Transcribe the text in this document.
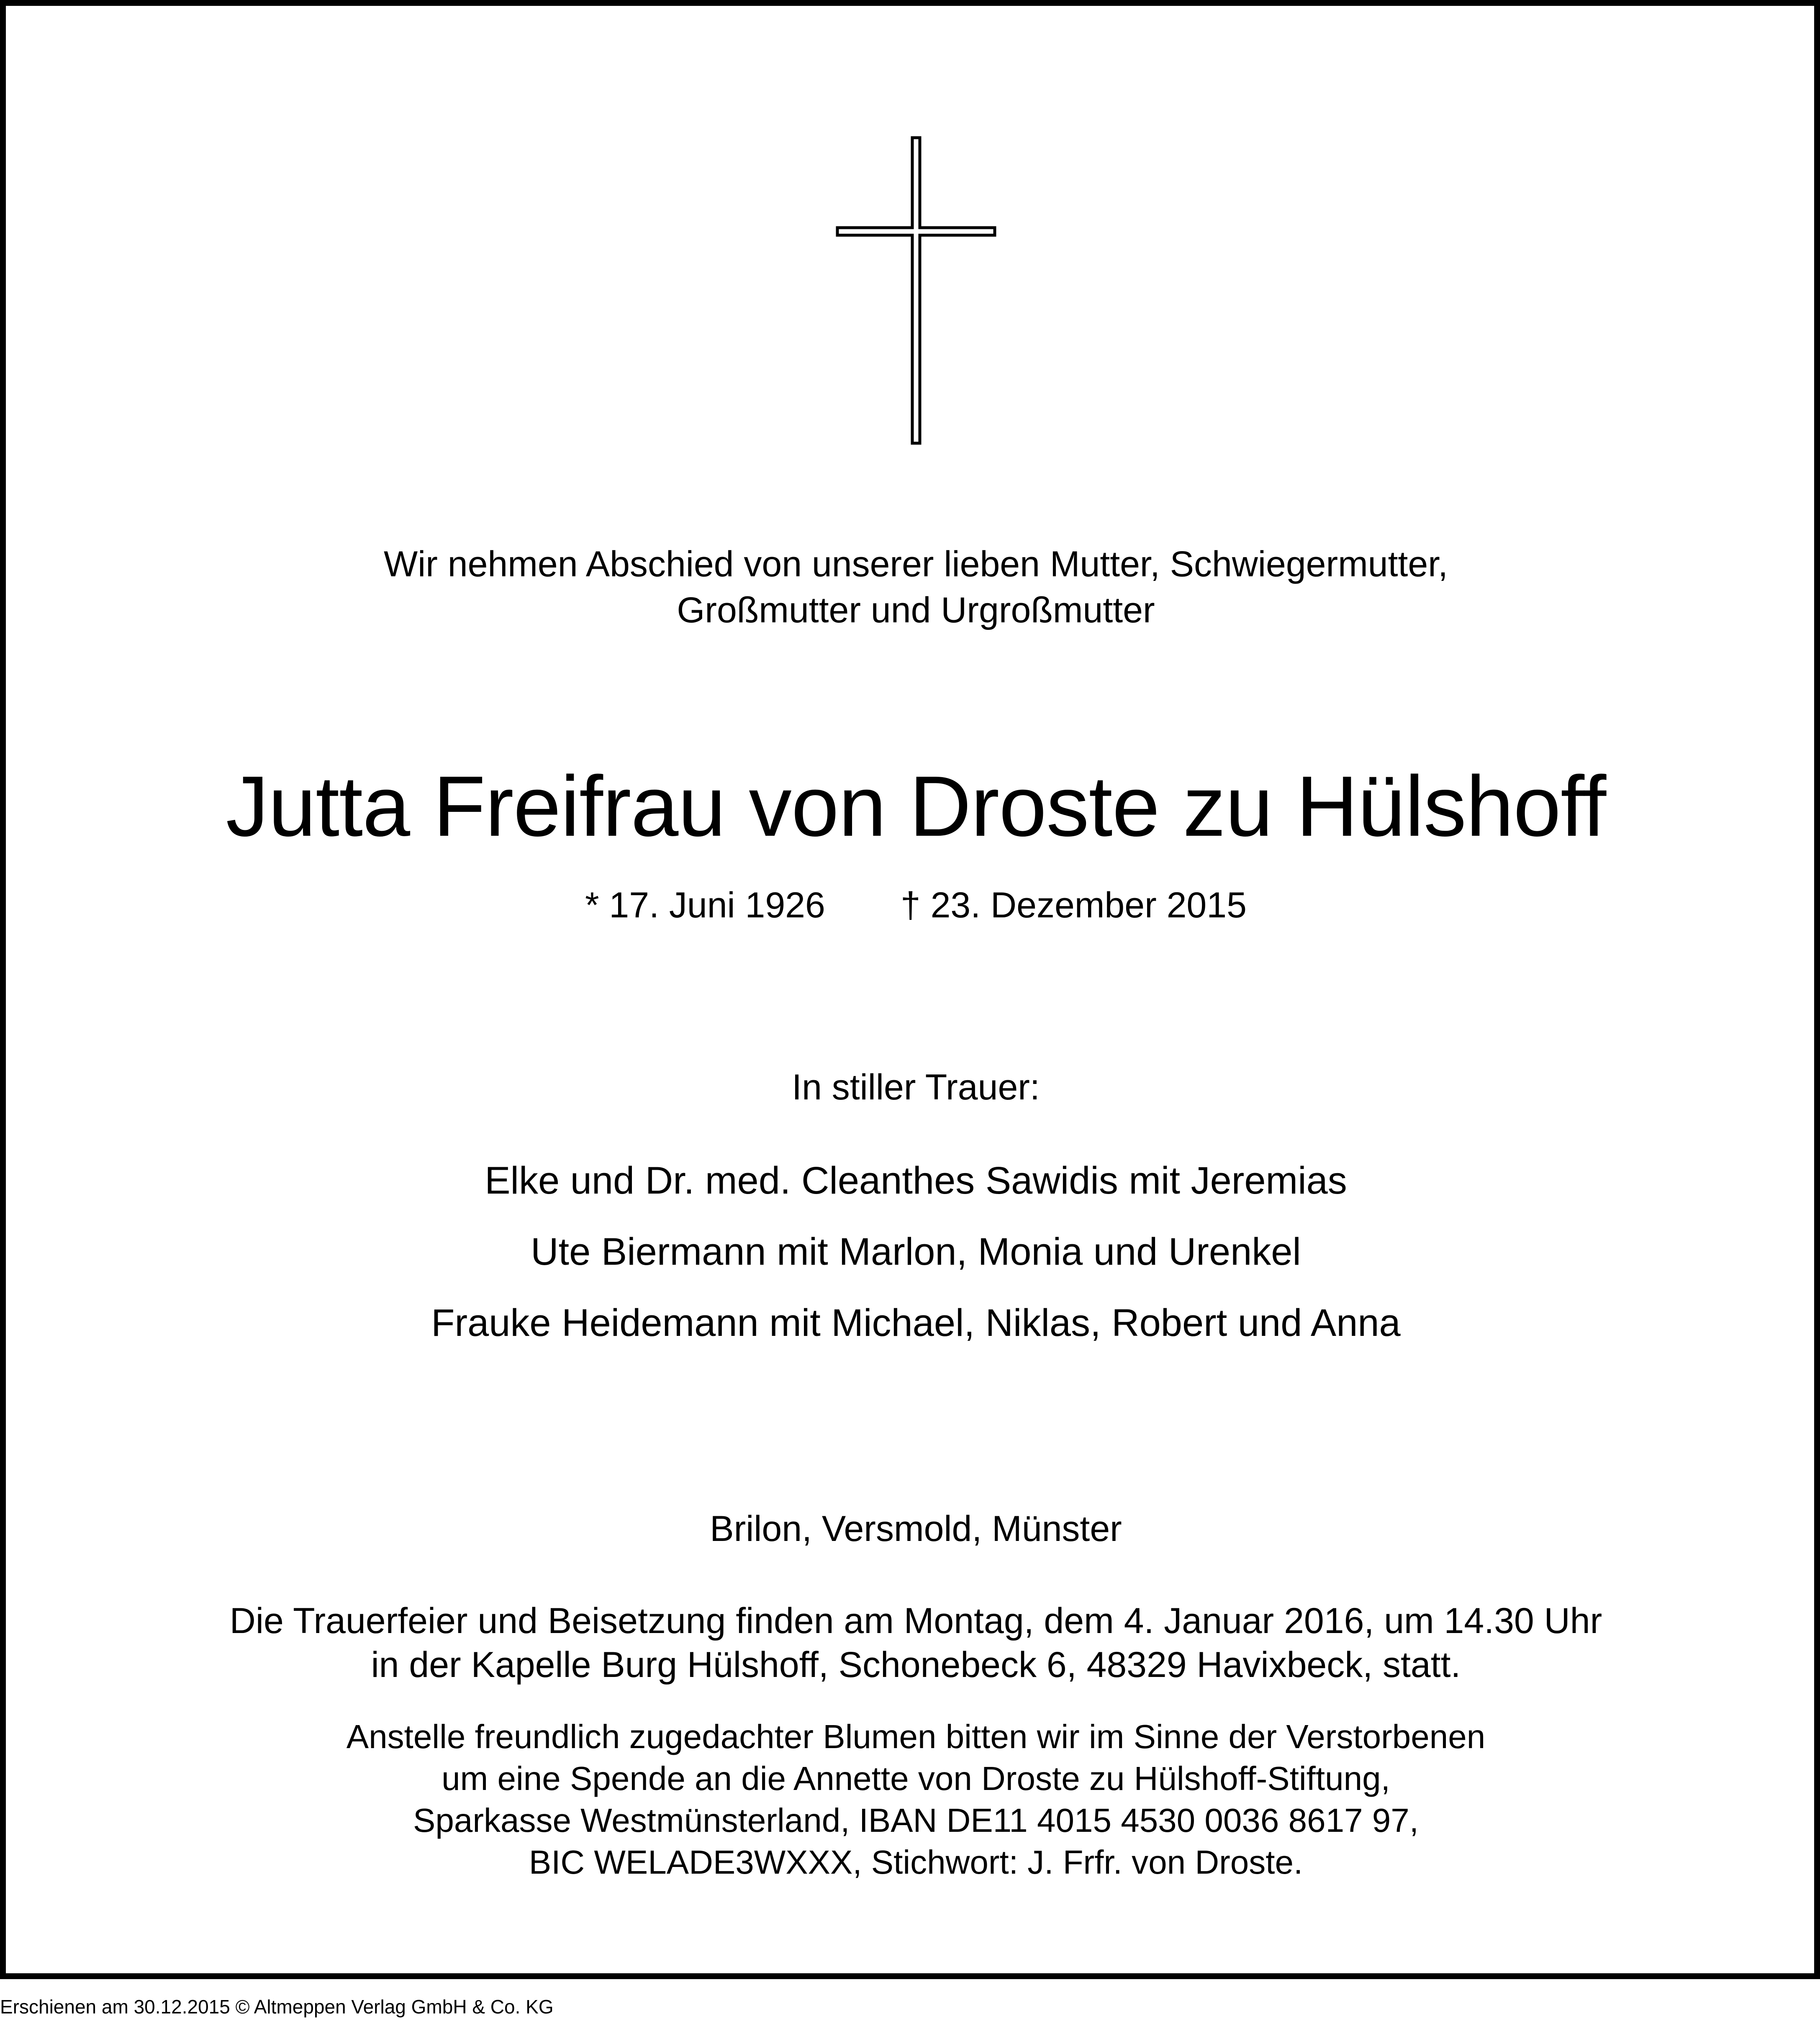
Wir nehmen Abschied von unserer lieben Mutter, Schwiegermutter,
Großmutter und Urgroßmutter
Jutta Freifrau von Droste zu Hülshoff
* 17. Juni 1926 † 23. Dezember 2015
In stiller Trauer:
Elke und Dr. med. Cleanthes Sawidis mit Jeremias
Ute Biermann mit Marlon, Monia und Urenkel
Frauke Heidemann mit Michael, Niklas, Robert und Anna
Brilon, Versmold, Münster
Die Trauerfeier und Beisetzung finden am Montag, dem 4. Januar 2016, um 14.30 Uhr
in der Kapelle Burg Hülshoff, Schonebeck 6, 48329 Havixbeck, statt.
Anstelle freundlich zugedachter Blumen bitten wir im Sinne der Verstorbenen
um eine Spende an die Annette von Droste zu Hülshoff-Stiftung,
Sparkasse Westmünsterland, IBAN DE11 4015 4530 0036 8617 97,
BIC WELADE3WXXX, Stichwort: J. Frfr. von Droste.
Erschienen am 30.12.2015 © Altmeppen Verlag GmbH & Co. KG
